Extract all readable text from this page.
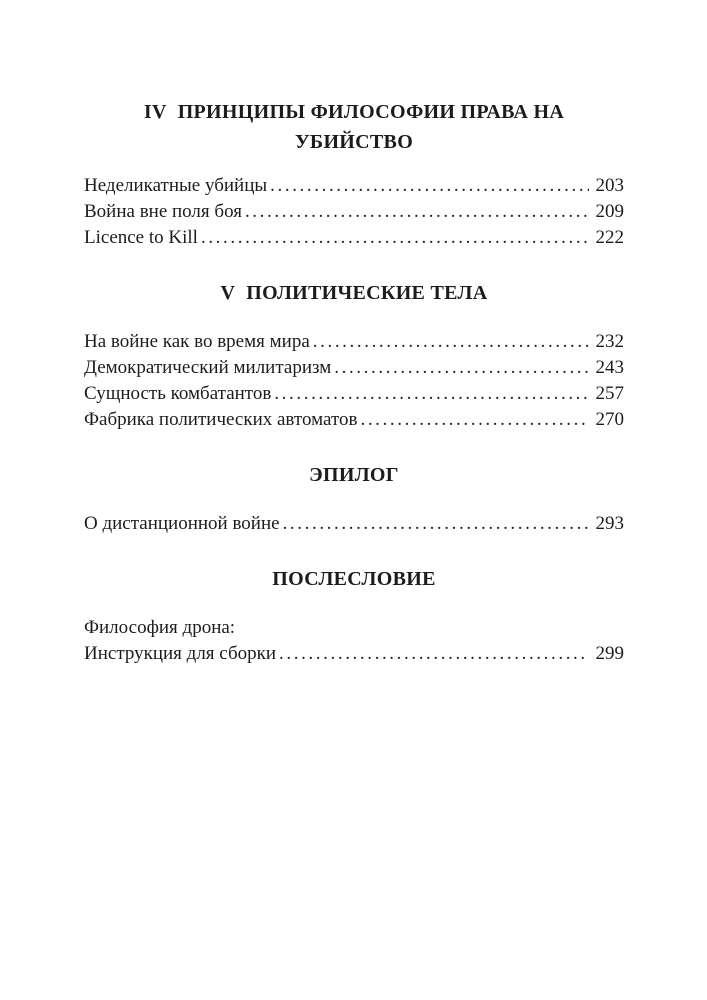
IV ПРИНЦИПЫ ФИЛОСОФИИ ПРАВА НА УБИЙСТВО
Неделикатные убийцы .....	203
Война вне поля боя .....	209
Licence to Kill .....	222
V ПОЛИТИЧЕСКИЕ ТЕЛА
На войне как во время мира .....	232
Демократический милитаризм .....	243
Сущность комбатантов .....	257
Фабрика политических автоматов .....	270
ЭПИЛОГ
О дистанционной войне .....	293
ПОСЛЕСЛОВИЕ
Философия дрона:
Инструкция для сборки .....	299
